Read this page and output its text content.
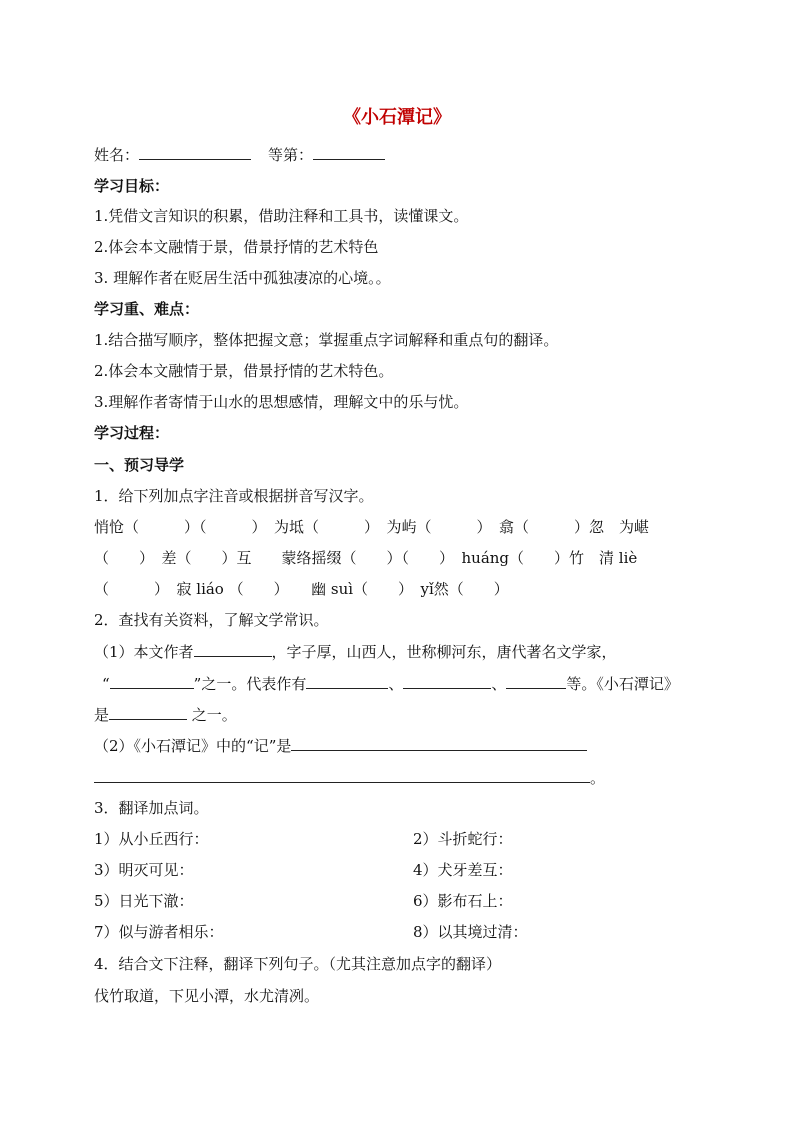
《小石潭记》
姓名：	等第：
学习目标：
1.凭借文言知识的积累，借助注释和工具书，读懂课文。
2.体会本文融情于景，借景抒情的艺术特色
3. 理解作者在贬居生活中孤独凄凉的心境。。
学习重、难点：
1.结合描写顺序，整体把握文意；掌握重点字词解释和重点句的翻译。
2.体会本文融情于景，借景抒情的艺术特色。
3.理解作者寄情于山水的思想感情，理解文中的乐与忧。
学习过程：
一、预习导学
1．给下列加点字注音或根据拼音写汉字。
悄怆（　　　）（　　　）　为坻（　　　）　为屿（　　　）　翕（　　　）忽　为嵁
（　　）　差（　　）互　　蒙络摇缀（　　）（　　）　huáng（　　）竹　清 liè
（　　　）　寂 liáo （　　）　　幽 suì（　　）　yǐ然（　　）
2．查找有关资料，了解文学常识。
（1）本文作者	，字子厚，山西人，世称柳河东，唐代著名文学家，
“	”之一。代表作有	、	、	等。《小石潭记》
是	之一。
（2）《小石潭记》中的“记”是
。
3．翻译加点词。
1）从小丘西行：	2）斗折蛇行：
3）明灭可见：	4）犬牙差互：
5）日光下澈：	6）影布石上：
7）似与游者相乐：	8）以其境过清：
4．结合文下注释，翻译下列句子。（尤其注意加点字的翻译）
伐竹取道，下见小潭，水尤清冽。
